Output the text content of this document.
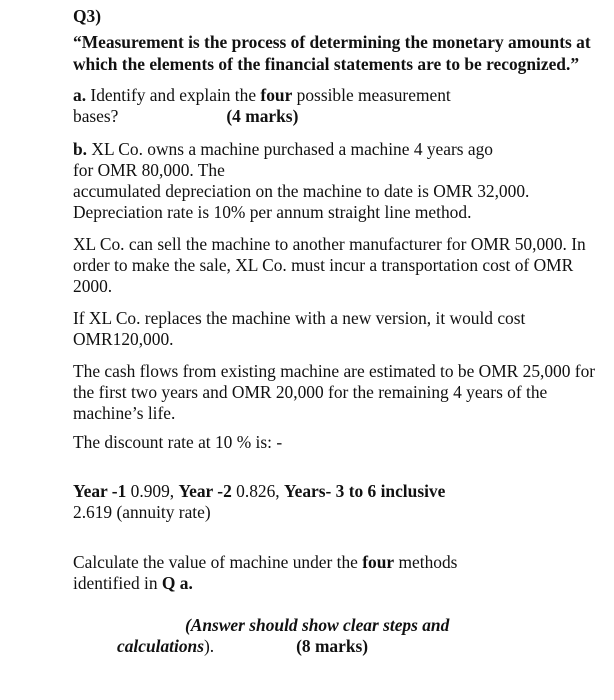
Q3)
“Measurement is the process of determining the monetary amounts at which the elements of the financial statements are to be recognized.”
a. Identify and explain the four possible measurement
bases?	(4 marks)
b. XL Co. owns a machine purchased a machine 4 years ago
for OMR 80,000. The
accumulated depreciation on the machine to date is OMR 32,000. Depreciation rate is 10% per annum straight line method.
XL Co. can sell the machine to another manufacturer for OMR 50,000. In order to make the sale, XL Co. must incur a transportation cost of OMR 2000.
If XL Co. replaces the machine with a new version, it would cost OMR120,000.
The cash flows from existing machine are estimated to be OMR 25,000 for the first two years and OMR 20,000 for the remaining 4 years of the machine’s life.
The discount rate at 10 % is: -
Year -1 0.909, Year -2 0.826, Years- 3 to 6 inclusive
2.619 (annuity rate)
Calculate the value of machine under the four methods
identified in Q a.
(Answer should show clear steps and
calculations).	(8 marks)
